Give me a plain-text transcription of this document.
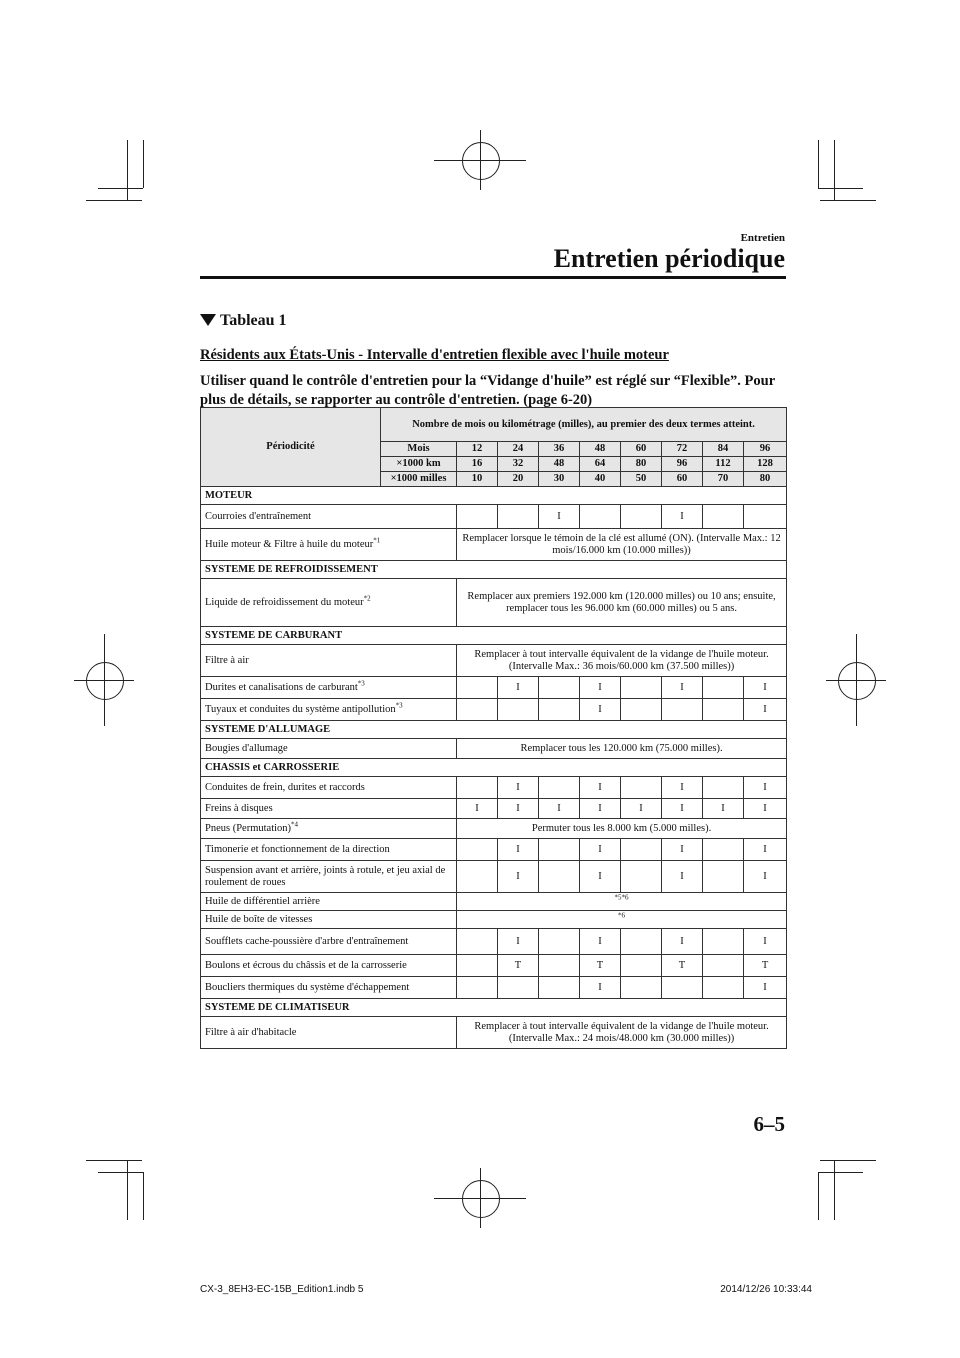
Entretien
Entretien périodique
Tableau 1
Résidents aux États-Unis - Intervalle d'entretien flexible avec l'huile moteur
Utiliser quand le contrôle d'entretien pour la “Vidange d'huile” est réglé sur “Flexible”. Pour plus de détails, se rapporter au contrôle d'entretien. (page 6-20)
Périodicité	Nombre de mois ou kilométrage (milles), au premier des deux termes atteint.								
	Mois	12	24	36	48	60	72	84	96
	×1000 km	16	32	48	64	80	96	112	128
	×1000 milles	10	20	30	40	50	60	70	80
MOTEUR									
Courroies d'entraînement				I			I		
Huile moteur & Filtre à huile du moteur$^{*1}$		Remplacer lorsque le témoin de la clé est allumé (ON). (Intervalle Max.: 12 mois/16.000 km (10.000 milles))							
SYSTEME DE REFROIDISSEMENT									
Liquide de refroidissement du moteur$^{*2}$		Remplacer aux premiers 192.000 km (120.000 milles) ou 10 ans; ensuite, remplacer tous les 96.000 km (60.000 milles) ou 5 ans.							
SYSTEME DE CARBURANT									
Filtre à air		Remplacer à tout intervalle équivalent de la vidange de l'huile moteur. (Intervalle Max.: 36 mois/60.000 km (37.500 milles))							
Durites et canalisations de carburant$^{*3}$			I		I		I		I
Tuyaux et conduites du système antipollution$^{*3}$					I				I
SYSTEME D'ALLUMAGE									
Bougies d'allumage		Remplacer tous les 120.000 km (75.000 milles).							
CHASSIS et CARROSSERIE									
Conduites de frein, durites et raccords			I		I		I		I
Freins à disques		I	I	I	I	I	I	I	I
Pneus (Permutation)$^{*4}$		Permuter tous les 8.000 km (5.000 milles).							
Timonerie et fonctionnement de la direction			I		I		I		I
Suspension avant et arrière, joints à rotule, et jeu axial de roulement de roues			I		I		I		I
Huile de différentiel arrière		$^{*5*6}$
Huile de boîte de vitesses		$^{*6}$
Soufflets cache-poussière d'arbre d'entraînement			I		I		I		I
Boulons et écrous du châssis et de la carrosserie			T		T		T		T
Boucliers thermiques du système d'échappement					I				I
SYSTEME DE CLIMATISEUR									
Filtre à air d'habitacle		Remplacer à tout intervalle équivalent de la vidange de l'huile moteur. (Intervalle Max.: 24 mois/48.000 km (30.000 milles))							
6–5
CX-3_8EH3-EC-15B_Edition1.indb 5	2014/12/26 10:33:44
